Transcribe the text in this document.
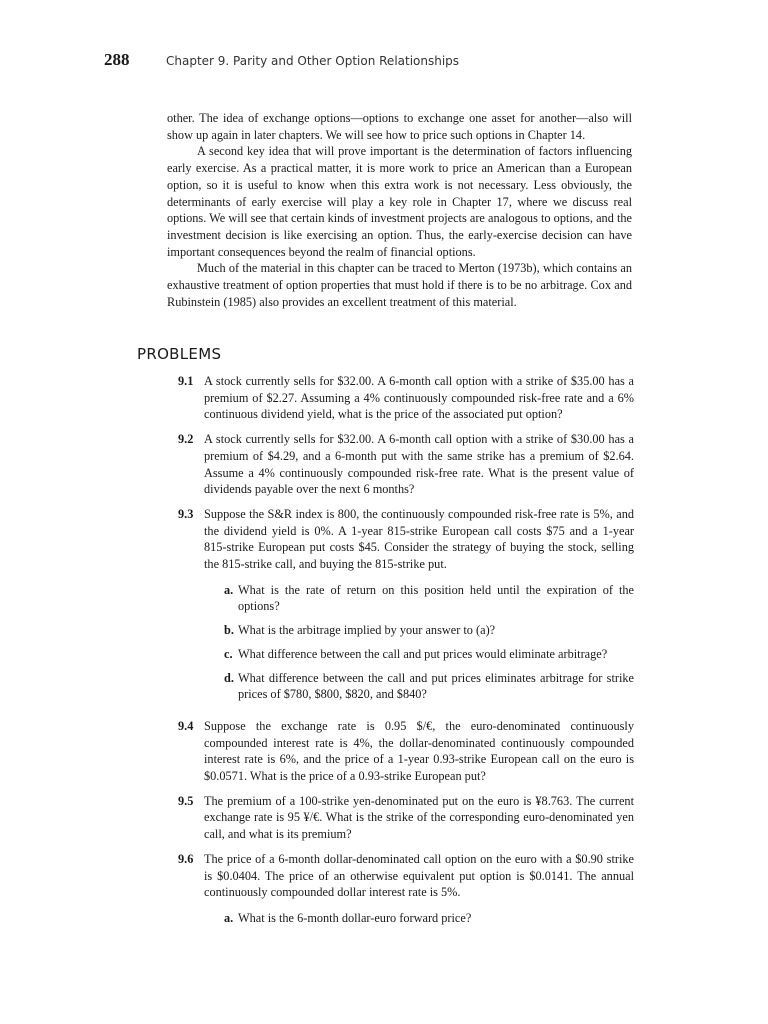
288	Chapter 9. Parity and Other Option Relationships

other. The idea of exchange options—options to exchange one asset for another—also will show up again in later chapters. We will see how to price such options in Chapter 14.

A second key idea that will prove important is the determination of factors influencing early exercise. As a practical matter, it is more work to price an American than a European option, so it is useful to know when this extra work is not necessary. Less obviously, the determinants of early exercise will play a key role in Chapter 17, where we discuss real options. We will see that certain kinds of investment projects are analogous to options, and the investment decision is like exercising an option. Thus, the early-exercise decision can have important consequences beyond the realm of financial options.

Much of the material in this chapter can be traced to Merton (1973b), which contains an exhaustive treatment of option properties that must hold if there is to be no arbitrage. Cox and Rubinstein (1985) also provides an excellent treatment of this material.

PROBLEMS
9.1 A stock currently sells for $32.00. A 6-month call option with a strike of $35.00 has a premium of $2.27. Assuming a 4% continuously compounded risk-free rate and a 6% continuous dividend yield, what is the price of the associated put option?
9.2 A stock currently sells for $32.00. A 6-month call option with a strike of $30.00 has a premium of $4.29, and a 6-month put with the same strike has a premium of $2.64. Assume a 4% continuously compounded risk-free rate. What is the present value of dividends payable over the next 6 months?
9.3 Suppose the S&R index is 800, the continuously compounded risk-free rate is 5%, and the dividend yield is 0%. A 1-year 815-strike European call costs $75 and a 1-year 815-strike European put costs $45. Consider the strategy of buying the stock, selling the 815-strike call, and buying the 815-strike put.
a. What is the rate of return on this position held until the expiration of the options?
b. What is the arbitrage implied by your answer to (a)?
c. What difference between the call and put prices would eliminate arbitrage?
d. What difference between the call and put prices eliminates arbitrage for strike prices of $780, $800, $820, and $840?
9.4 Suppose the exchange rate is 0.95 $/€, the euro-denominated continuously compounded interest rate is 4%, the dollar-denominated continuously compounded interest rate is 6%, and the price of a 1-year 0.93-strike European call on the euro is $0.0571. What is the price of a 0.93-strike European put?
9.5 The premium of a 100-strike yen-denominated put on the euro is ¥8.763. The current exchange rate is 95 ¥/€. What is the strike of the corresponding euro-denominated yen call, and what is its premium?
9.6 The price of a 6-month dollar-denominated call option on the euro with a $0.90 strike is $0.0404. The price of an otherwise equivalent put option is $0.0141. The annual continuously compounded dollar interest rate is 5%.
a. What is the 6-month dollar-euro forward price?
